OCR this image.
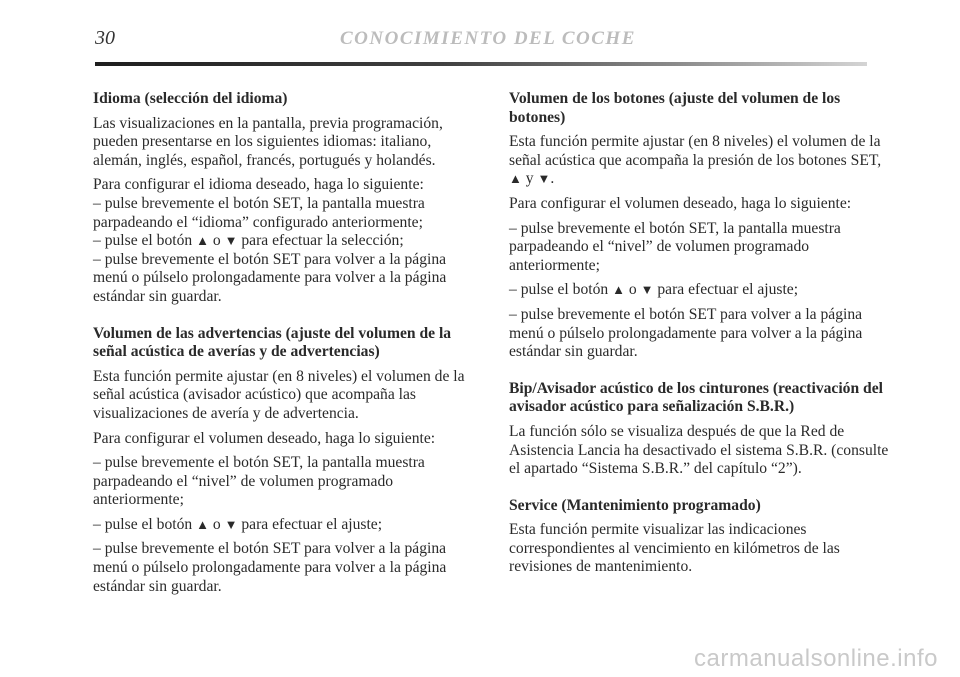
30	CONOCIMIENTO DEL COCHE

Idioma (selección del idioma)

Las visualizaciones en la pantalla, previa programación, pueden presentarse en los siguientes idiomas: italiano, alemán, inglés, español, francés, portugués y holandés.

Para configurar el idioma deseado, haga lo siguiente:

– pulse brevemente el botón SET, la pantalla muestra parpadeando el “idioma” configurado anteriormente;

– pulse el botón ▲ o ▼ para efectuar la selección;

– pulse brevemente el botón SET para volver a la página menú o púlselo prolongadamente para volver a la página estándar sin guardar.

Volumen de las advertencias (ajuste del volumen de la señal acústica de averías y de advertencias)

Esta función permite ajustar (en 8 niveles) el volumen de la señal acústica (avisador acústico) que acompaña las visualizaciones de avería y de advertencia.

Para configurar el volumen deseado, haga lo siguiente:

– pulse brevemente el botón SET, la pantalla muestra parpadeando el “nivel” de volumen programado anteriormente;

– pulse el botón ▲ o ▼ para efectuar el ajuste;

– pulse brevemente el botón SET para volver a la página menú o púlselo prolongadamente para volver a la página estándar sin guardar.

Volumen de los botones (ajuste del volumen de los botones)

Esta función permite ajustar (en 8 niveles) el volumen de la señal acústica que acompaña la presión de los botones SET, ▲ y ▼.

Para configurar el volumen deseado, haga lo siguiente:

– pulse brevemente el botón SET, la pantalla muestra parpadeando el “nivel” de volumen programado anteriormente;

– pulse el botón ▲ o ▼ para efectuar el ajuste;

– pulse brevemente el botón SET para volver a la página menú o púlselo prolongadamente para volver a la página estándar sin guardar.

Bip/Avisador acústico de los cinturones (reactivación del avisador acústico para señalización S.B.R.)

La función sólo se visualiza después de que la Red de Asistencia Lancia ha desactivado el sistema S.B.R. (consulte el apartado “Sistema S.B.R.” del capítulo “2”).

Service (Mantenimiento programado)

Esta función permite visualizar las indicaciones correspondientes al vencimiento en kilómetros de las revisiones de mantenimiento.

carmanualsonline.info
